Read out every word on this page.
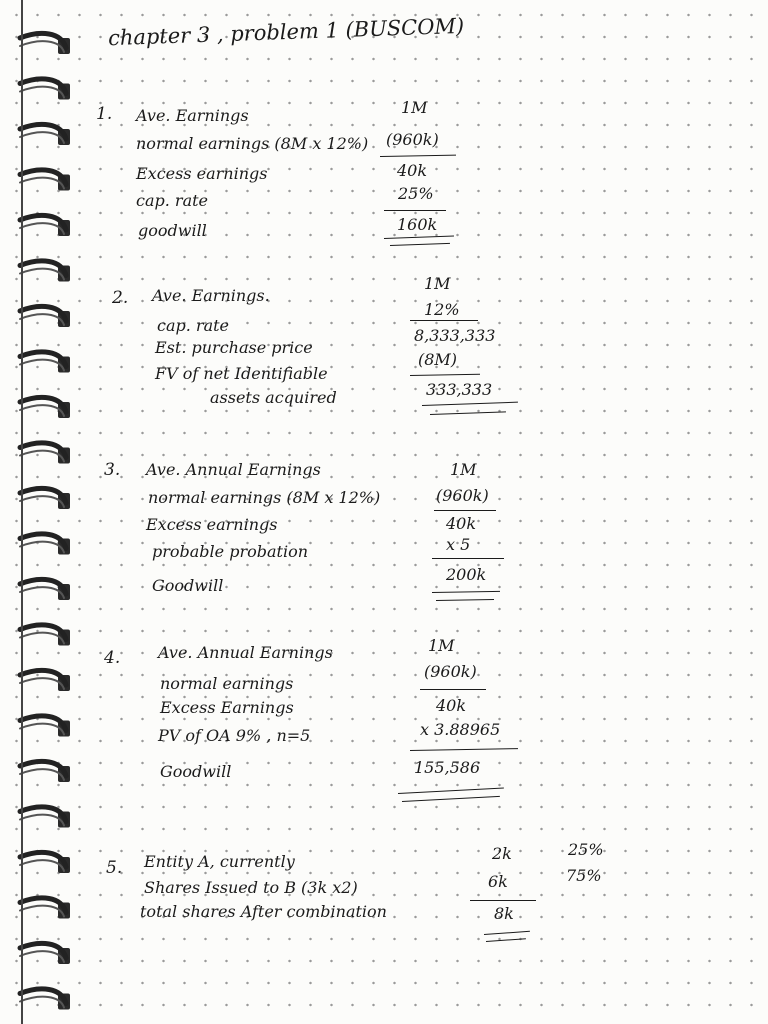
chapter 3 , problem 1 (BUSCOM)
1. Ave. Earnings
normal earnings (8M x 12%)
Excess earnings
cap. rate
goodwill
1M
(960k)
40k
25%
160k
2. Ave. Earnings.
cap. rate
Est. purchase price
FV of net Identifiable
assets acquired
1M
12%
8,333,333
(8M)
333,333
3. Ave. Annual Earnings
normal earnings (8M x 12%)
Excess earnings
probable probation
Goodwill
1M
(960k)
40k
x 5
200k
4. Ave. Annual Earnings
normal earnings
Excess Earnings
PV of OA 9% , n=5
Goodwill
1M
(960k)
40k
x 3.88965
155,586
5. Entity A, currently
Shares Issued to B (3k x2)
total shares After combination
2k
6k
8k
25%
75%
